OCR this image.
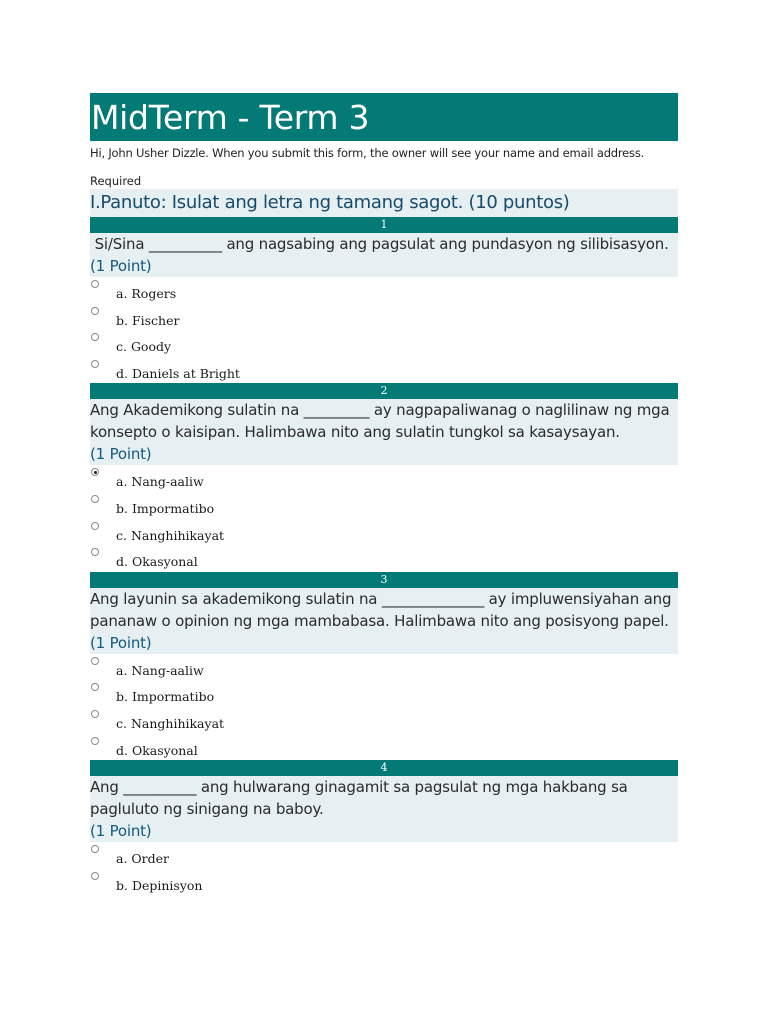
MidTerm - Term 3
Hi, John Usher Dizzle. When you submit this form, the owner will see your name and email address.
Required
I.Panuto: Isulat ang letra ng tamang sagot. (10 puntos)
1
Si/Sina __________ ang nagsabing ang pagsulat ang pundasyon ng silibisasyon.
(1 Point)
a. Rogers
b. Fischer
c. Goody
d. Daniels at Bright
2
Ang Akademikong sulatin na _________ ay nagpapaliwanag o naglilinaw ng mga konsepto o kaisipan. Halimbawa nito ang sulatin tungkol sa kasaysayan.

(1 Point)
a. Nang-aaliw
b. Impormatibo
c. Nanghihikayat
d. Okasyonal
3
Ang layunin sa akademikong sulatin na ______________ ay impluwensiyahan ang pananaw o opinion ng mga mambabasa. Halimbawa nito ang posisyong papel.
(1 Point)
a. Nang-aaliw
b. Impormatibo
c. Nanghihikayat
d. Okasyonal
4
Ang __________ ang hulwarang ginagamit sa pagsulat ng mga hakbang sa pagluluto ng sinigang na baboy.
(1 Point)
a. Order
b. Depinisyon
